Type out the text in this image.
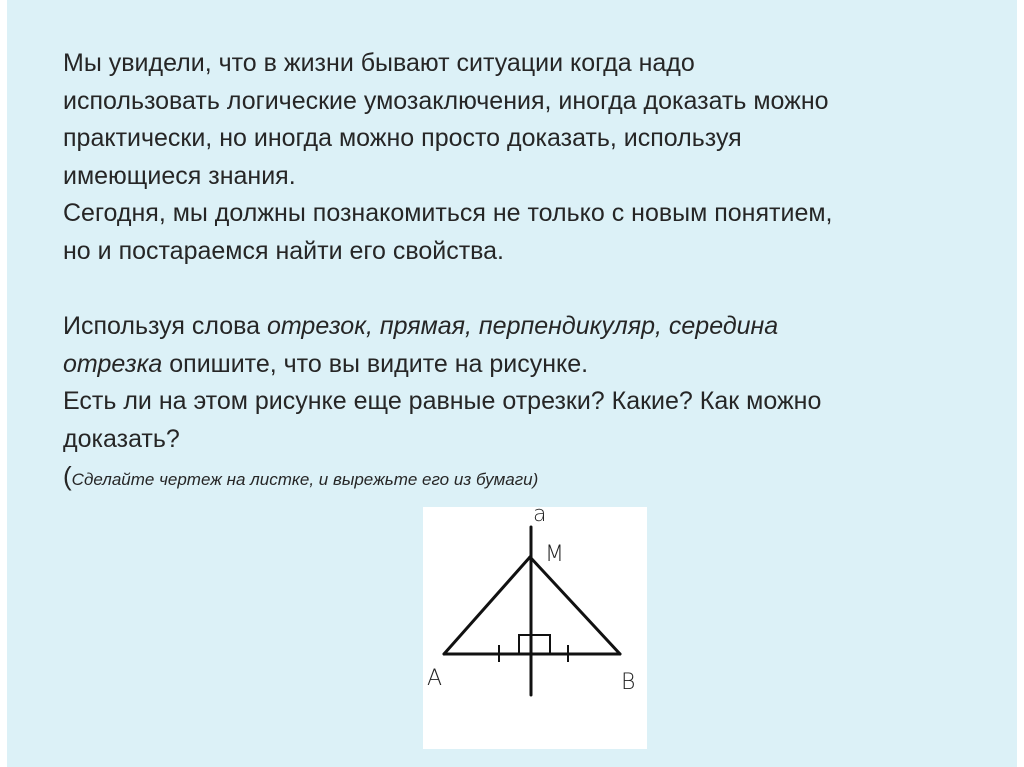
Мы увидели, что в жизни бывают ситуации когда надо
использовать логические умозаключения, иногда доказать можно
практически, но иногда можно просто доказать, используя
имеющиеся знания.
Сегодня, мы должны познакомиться не только с новым понятием,
но и постараемся найти его свойства.
Используя слова отрезок, прямая, перпендикуляр, середина
отрезка опишите, что вы видите на рисунке.
Есть ли на этом рисунке еще равные отрезки? Какие? Как можно
доказать?
(Сделайте чертеж на листке, и вырежьте его из бумаги)
a
M
A	B
